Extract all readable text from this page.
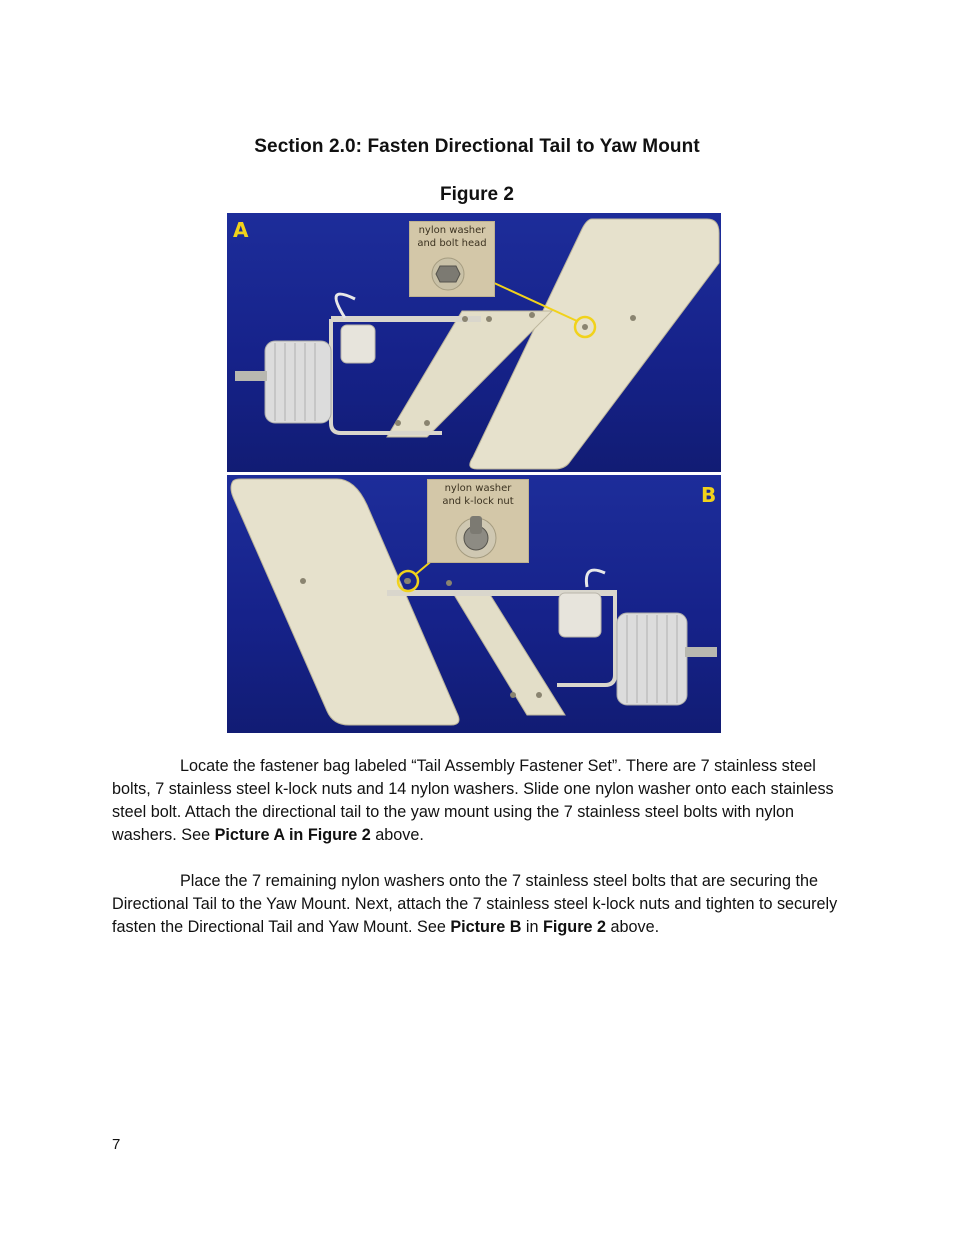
Section 2.0: Fasten Directional Tail to Yaw Mount
Figure 2
A	nylon washer
and bolt head
B
nylon washer
and k-lock nut
Locate the fastener bag labeled “Tail Assembly Fastener Set”. There are 7 stainless steel bolts, 7 stainless steel k-lock nuts and 14 nylon washers. Slide one nylon washer onto each stainless steel bolt. Attach the directional tail to the yaw mount using the 7 stainless steel bolts with nylon washers. See Picture A in Figure 2 above.
Place the 7 remaining nylon washers onto the 7 stainless steel bolts that are securing the Directional Tail to the Yaw Mount. Next, attach the 7 stainless steel k-lock nuts and tighten to securely fasten the Directional Tail and Yaw Mount. See Picture B in Figure 2 above.
7
